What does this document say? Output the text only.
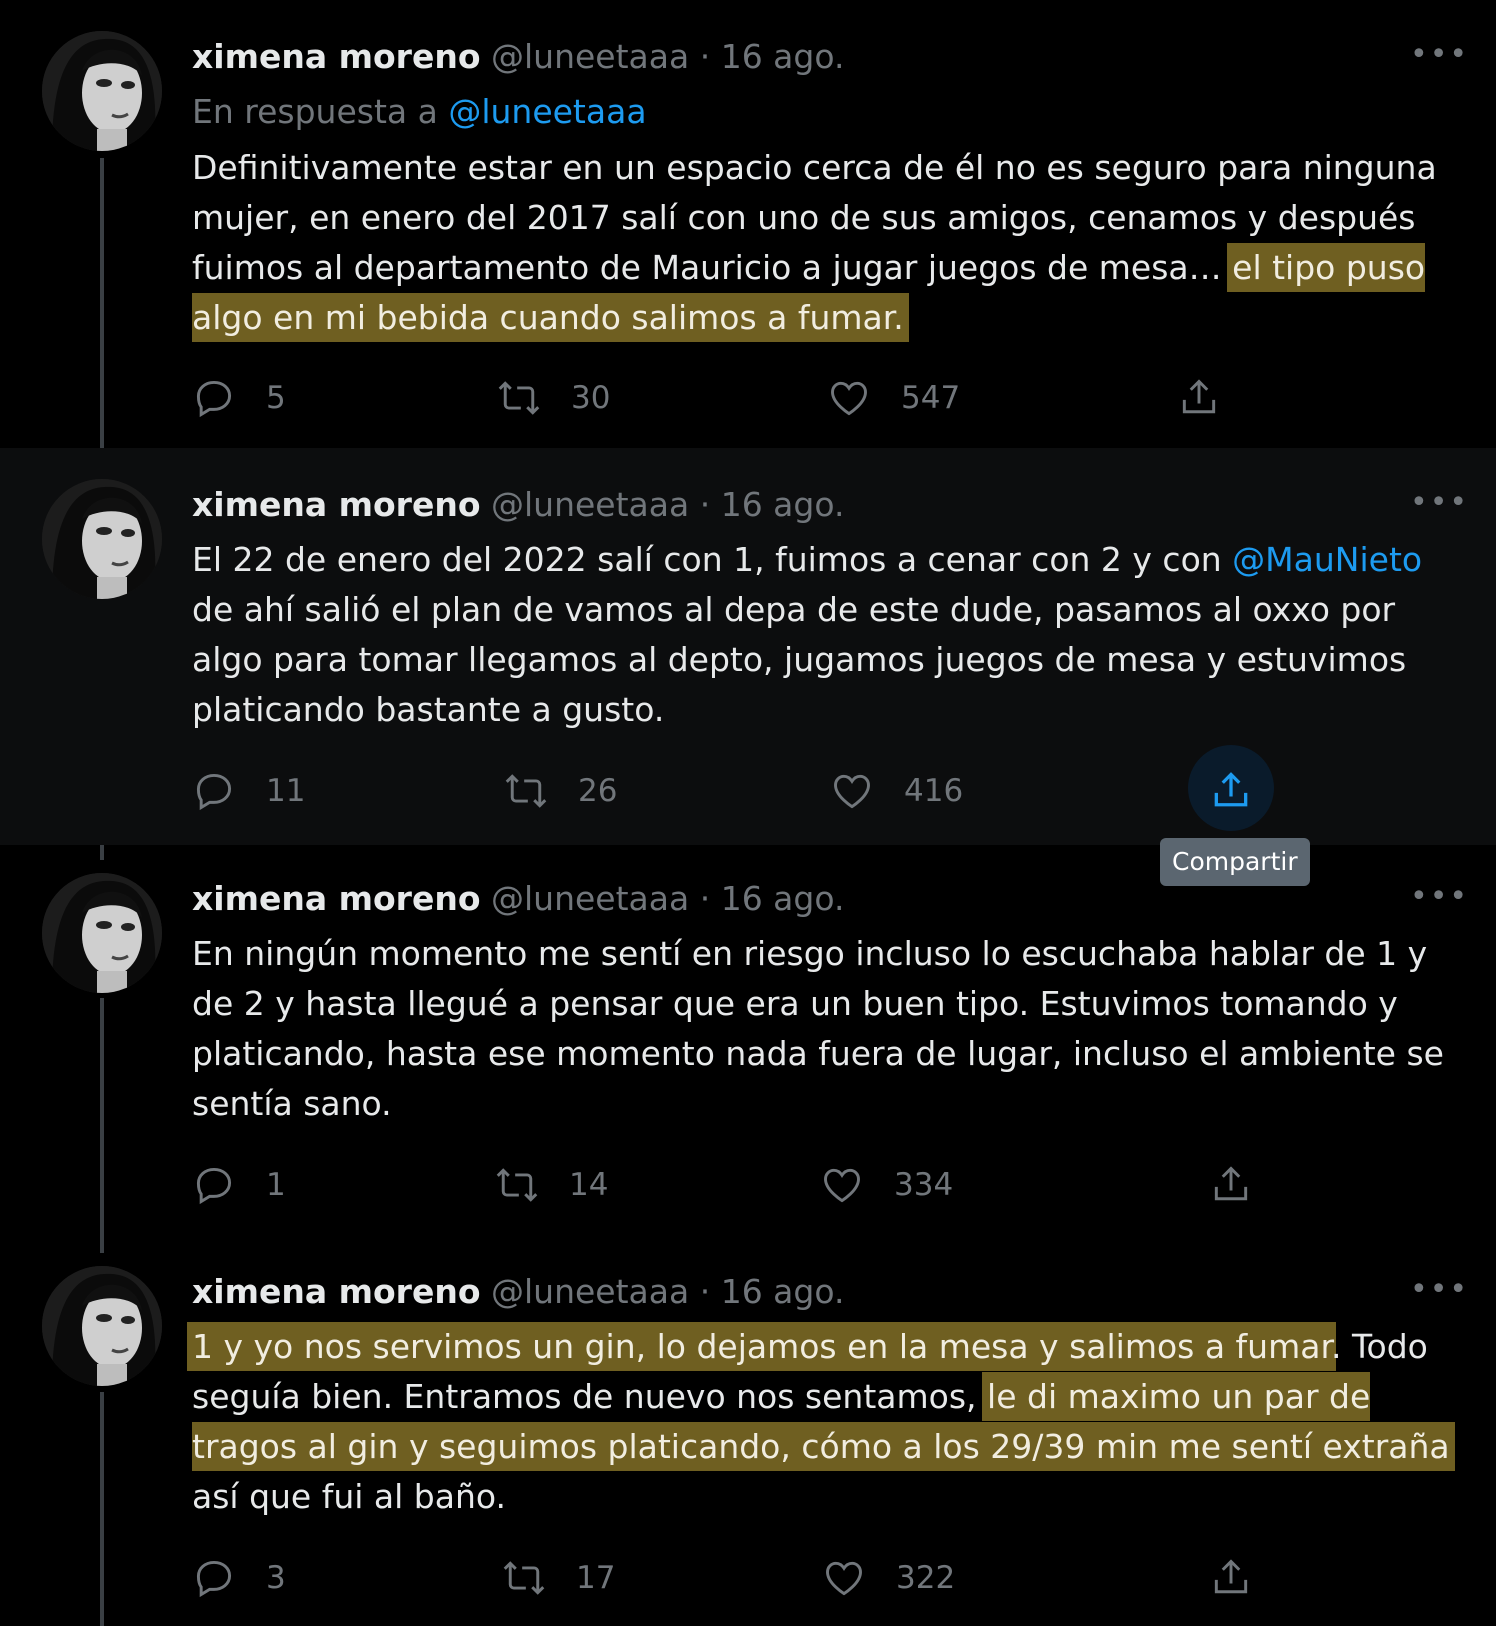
ximena moreno @luneetaaa · 16 ago.	•••
En respuesta a @luneetaaa
Definitivamente estar en un espacio cerca de él no es seguro para ninguna mujer, en enero del 2017 salí con uno de sus amigos, cenamos y después fuimos al departamento de Mauricio a jugar juegos de mesa… el tipo puso algo en mi bebida cuando salimos a fumar.
5	30	547
ximena moreno @luneetaaa · 16 ago.	•••
El 22 de enero del 2022 salí con 1, fuimos a cenar con 2 y con @MauNieto de ahí salió el plan de vamos al depa de este dude, pasamos al oxxo por algo para tomar llegamos al depto, jugamos juegos de mesa y estuvimos platicando bastante a gusto.
11	26	416
Compartir
ximena moreno @luneetaaa · 16 ago.	•••
En ningún momento me sentí en riesgo incluso lo escuchaba hablar de 1 y de 2 y hasta llegué a pensar que era un buen tipo. Estuvimos tomando y platicando, hasta ese momento nada fuera de lugar, incluso el ambiente se sentía sano.
1	14	334
ximena moreno @luneetaaa · 16 ago.	•••
1 y yo nos servimos un gin, lo dejamos en la mesa y salimos a fumar. Todo seguía bien. Entramos de nuevo nos sentamos, le di maximo un par de tragos al gin y seguimos platicando, cómo a los 29/39 min me sentí extraña así que fui al baño.
3	17	322
